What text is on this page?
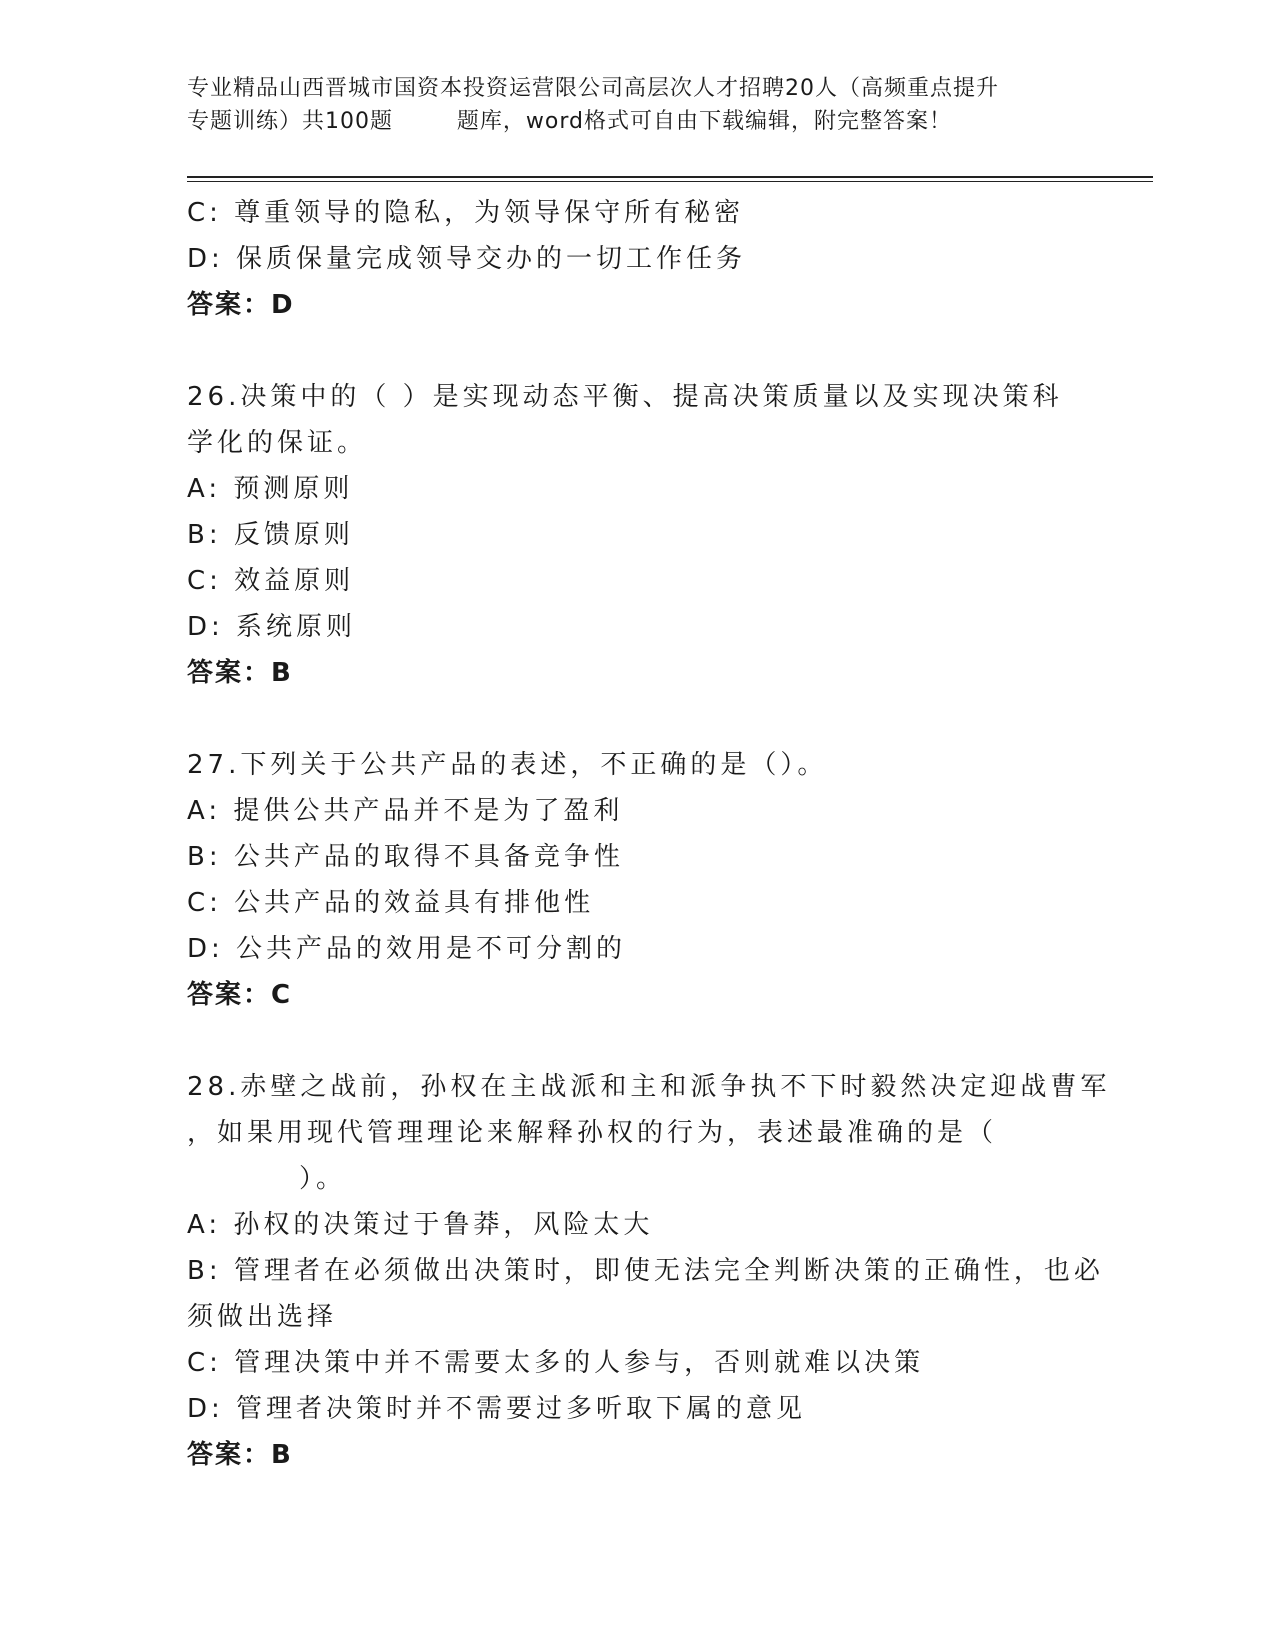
专业精品山西晋城市国资本投资运营限公司高层次人才招聘20人（高频重点提升
专题训练）共100题        题库，word格式可自由下载编辑，附完整答案！
C: 尊重领导的隐私，为领导保守所有秘密
D: 保质保量完成领导交办的一切工作任务
答案：D
26.决策中的（ ）是实现动态平衡、提高决策质量以及实现决策科
学化的保证。
A: 预测原则
B: 反馈原则
C: 效益原则
D: 系统原则
答案：B
27.下列关于公共产品的表述，不正确的是（）。
A: 提供公共产品并不是为了盈利
B: 公共产品的取得不具备竞争性
C: 公共产品的效益具有排他性
D: 公共产品的效用是不可分割的
答案：C
28.赤壁之战前，孙权在主战派和主和派争执不下时毅然决定迎战曹军
，如果用现代管理理论来解释孙权的行为，表述最准确的是（
）。
A: 孙权的决策过于鲁莽，风险太大
B: 管理者在必须做出决策时，即使无法完全判断决策的正确性，也必
须做出选择
C: 管理决策中并不需要太多的人参与，否则就难以决策
D: 管理者决策时并不需要过多听取下属的意见
答案：B
